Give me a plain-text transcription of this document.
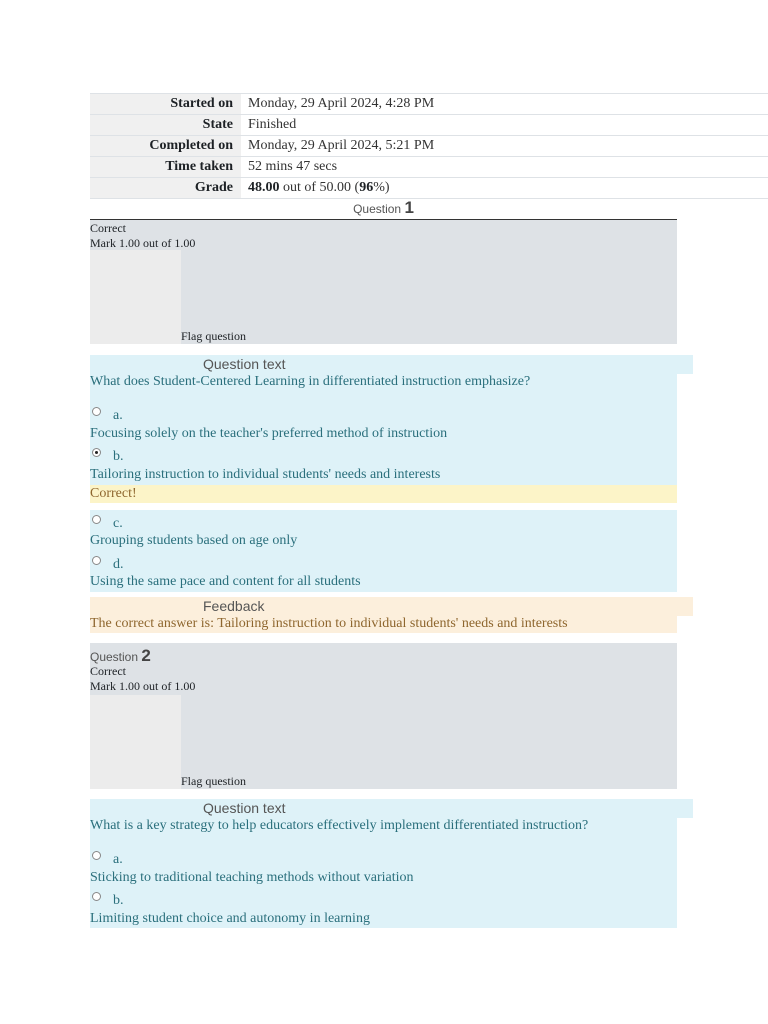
Started on	Monday, 29 April 2024, 4:28 PM
State	Finished
Completed on	Monday, 29 April 2024, 5:21 PM
Time taken	52 mins 47 secs
Grade	48.00 out of 50.00 (96%)
Question 1
Correct
Mark 1.00 out of 1.00
Flag question
Question text
What does Student-Centered Learning in differentiated instruction emphasize?
a.
Focusing solely on the teacher's preferred method of instruction
b.
Tailoring instruction to individual students' needs and interests
Correct!
c.
Grouping students based on age only
d.
Using the same pace and content for all students
Feedback
The correct answer is: Tailoring instruction to individual students' needs and interests
Correct
Mark 1.00 out of 1.00
Flag question
Question 2
Question text
What is a key strategy to help educators effectively implement differentiated instruction?
a.
Sticking to traditional teaching methods without variation
b.
Limiting student choice and autonomy in learning
